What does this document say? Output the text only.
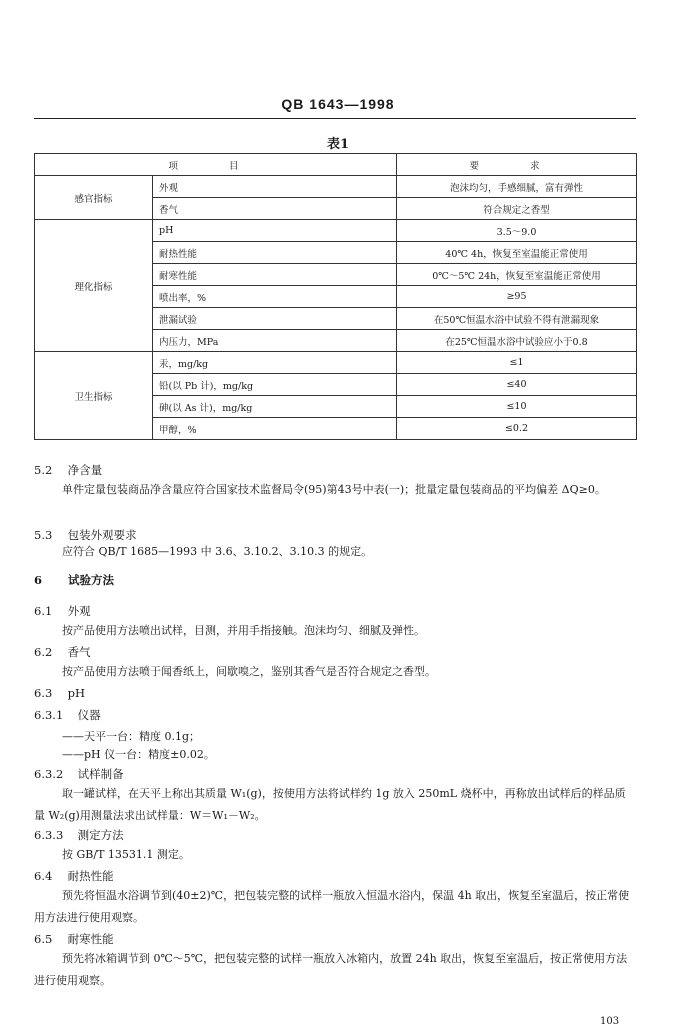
QB 1643—1998
表1
项 目		要 求
感官指标	外观	泡沫均匀，手感细腻，富有弹性
	香气	符合规定之香型
理化指标	pH	3.5～9.0
	耐热性能	40℃ 4h，恢复至室温能正常使用
	耐寒性能	0℃～5℃ 24h，恢复至室温能正常使用
	喷出率，%	≥95
	泄漏试验	在50℃恒温水浴中试验不得有泄漏现象
	内压力，MPa	在25℃恒温水浴中试验应小于0.8
卫生指标	汞，mg/kg	≤1
	铅(以 Pb 计)，mg/kg	≤40
	砷(以 As 计)，mg/kg	≤10
	甲醇，%	≤0.2
5.2 净含量
单件定量包装商品净含量应符合国家技术监督局令(95)第43号中表(一)；批量定量包装商品的平均偏差 ΔQ≥0。
5.3 包装外观要求
应符合 QB/T 1685—1993 中 3.6、3.10.2、3.10.3 的规定。
6 试验方法
6.1 外观
按产品使用方法喷出试样，目测，并用手指接触。泡沫均匀、细腻及弹性。
6.2 香气
按产品使用方法喷于闻香纸上，间歇嗅之，鉴别其香气是否符合规定之香型。
6.3 pH
6.3.1 仪器
——天平一台：精度 0.1g；
——pH 仪一台：精度±0.02。
6.3.2 试样制备
取一罐试样，在天平上称出其质量 W₁(g)，按使用方法将试样约 1g 放入 250mL 烧杯中，再称放出试样后的样品质量 W₂(g)用测量法求出试样量：W＝W₁－W₂。
6.3.3 测定方法
按 GB/T 13531.1 测定。
6.4 耐热性能
预先将恒温水浴调节到(40±2)℃，把包装完整的试样一瓶放入恒温水浴内，保温 4h 取出，恢复至室温后，按正常使用方法进行使用观察。
6.5 耐寒性能
预先将冰箱调节到 0℃～5℃，把包装完整的试样一瓶放入冰箱内，放置 24h 取出，恢复至室温后，按正常使用方法进行使用观察。
103
